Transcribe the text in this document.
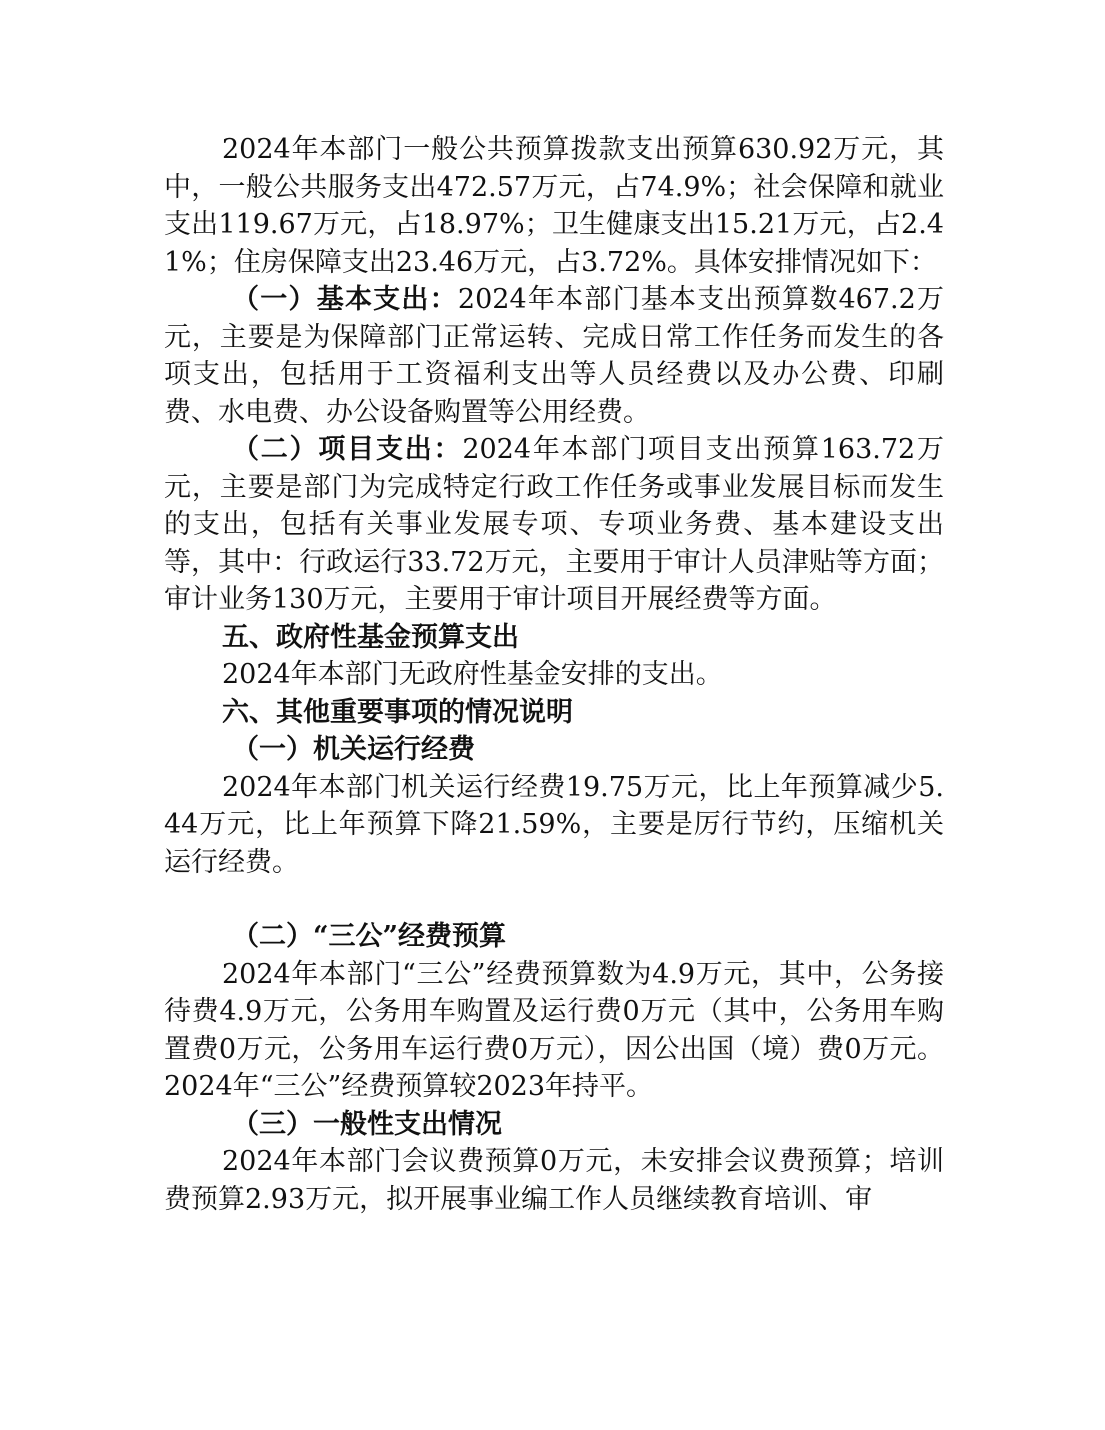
2024年本部门一般公共预算拨款支出预算630.92万元，其中，一般公共服务支出472.57万元，占74.9%；社会保障和就业支出119.67万元，占18.97%；卫生健康支出15.21万元，占2.41%；住房保障支出23.46万元，占3.72%。具体安排情况如下：

（一）基本支出：2024年本部门基本支出预算数467.2万元，主要是为保障部门正常运转、完成日常工作任务而发生的各项支出，包括用于工资福利支出等人员经费以及办公费、印刷费、水电费、办公设备购置等公用经费。

（二）项目支出：2024年本部门项目支出预算163.72万元，主要是部门为完成特定行政工作任务或事业发展目标而发生的支出，包括有关事业发展专项、专项业务费、基本建设支出等，其中：行政运行33.72万元，主要用于审计人员津贴等方面；审计业务130万元，主要用于审计项目开展经费等方面。

五、政府性基金预算支出

2024年本部门无政府性基金安排的支出。

六、其他重要事项的情况说明

（一）机关运行经费

2024年本部门机关运行经费19.75万元，比上年预算减少5.44万元，比上年预算下降21.59%，主要是厉行节约，压缩机关运行经费。

（二）“三公”经费预算

2024年本部门“三公”经费预算数为4.9万元，其中，公务接待费4.9万元，公务用车购置及运行费0万元（其中，公务用车购置费0万元，公务用车运行费0万元），因公出国（境）费0万元。2024年“三公”经费预算较2023年持平。

（三）一般性支出情况

2024年本部门会议费预算0万元，未安排会议费预算；培训费预算2.93万元，拟开展事业编工作人员继续教育培训、审
